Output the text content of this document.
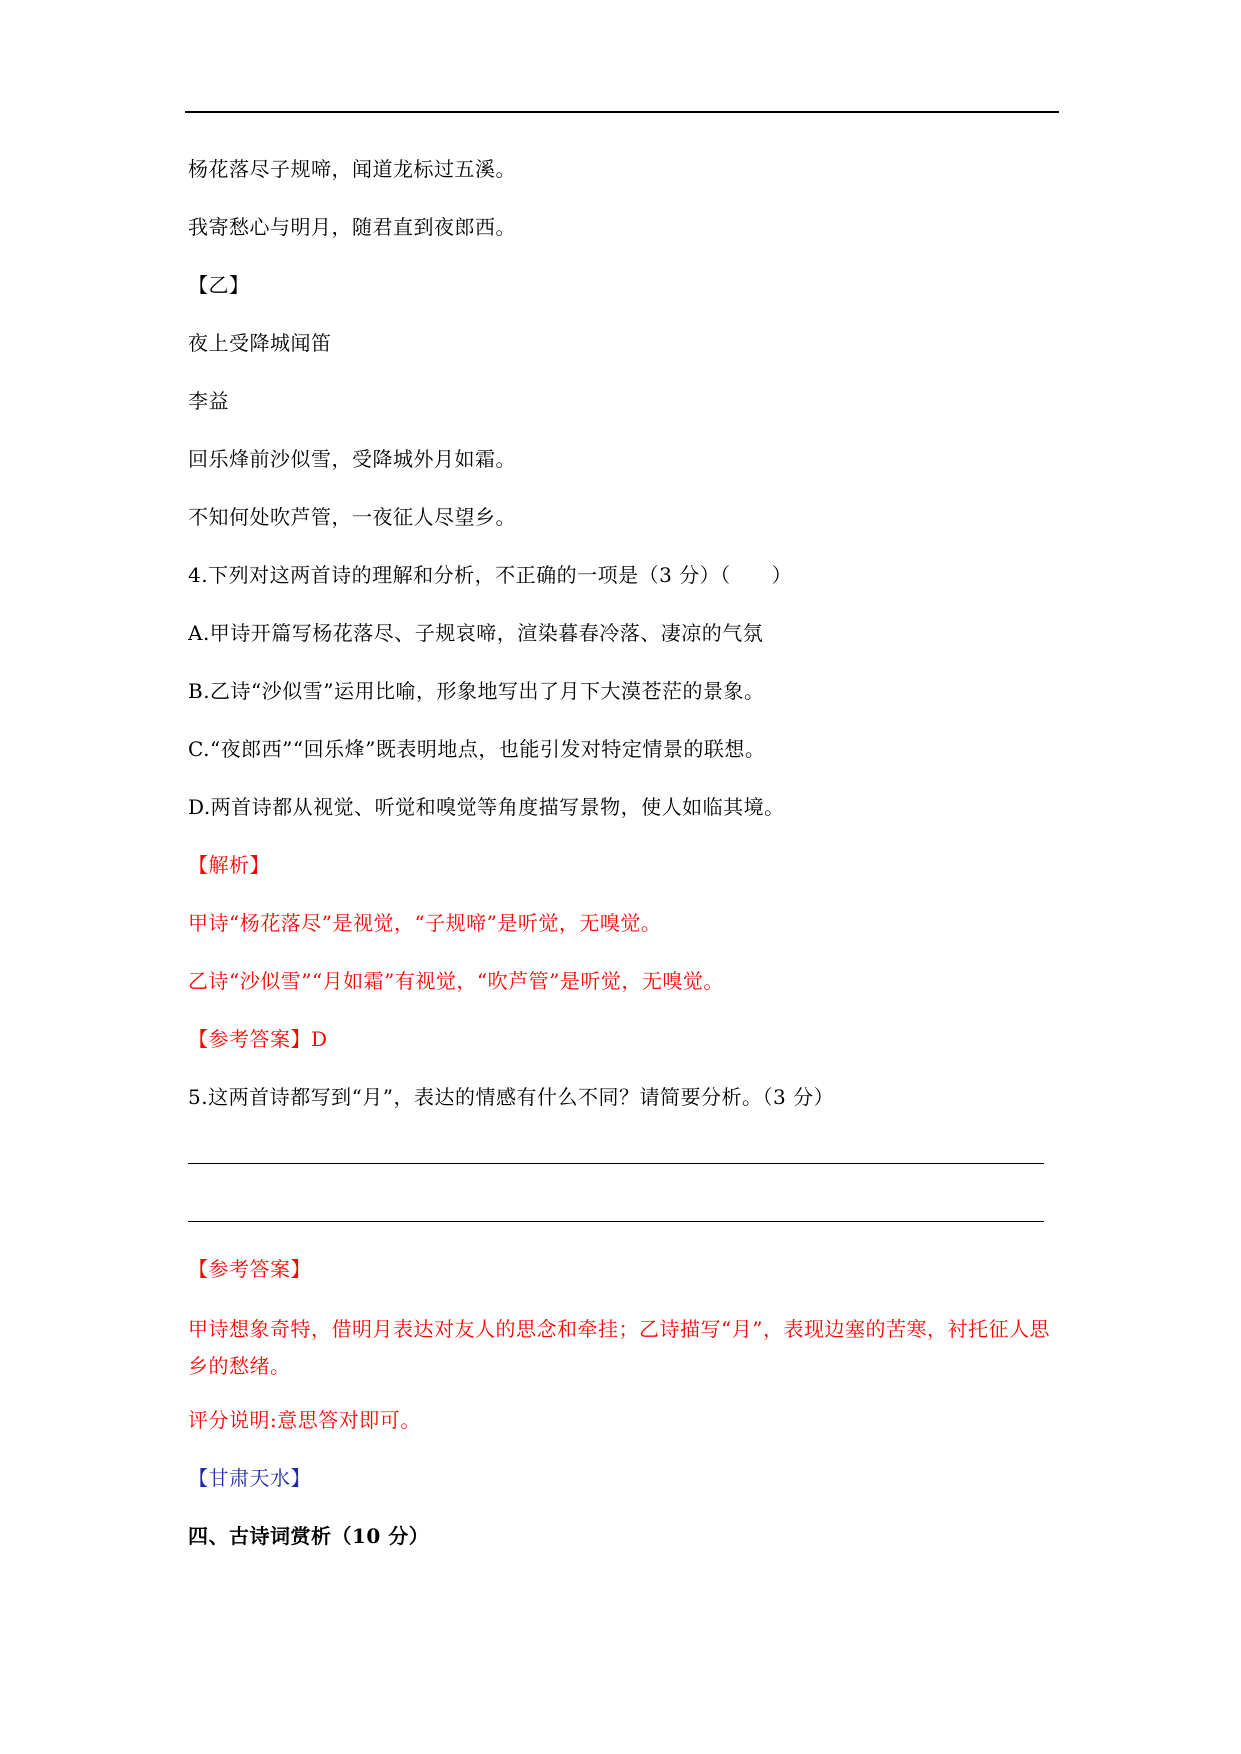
杨花落尽子规啼，闻道龙标过五溪。
我寄愁心与明月，随君直到夜郎西。
【乙】
夜上受降城闻笛
李益
回乐烽前沙似雪，受降城外月如霜。
不知何处吹芦管，一夜征人尽望乡。
4.下列对这两首诗的理解和分析，不正确的一项是（3 分）（　　）
A.甲诗开篇写杨花落尽、子规哀啼，渲染暮春冷落、凄凉的气氛
B.乙诗“沙似雪”运用比喻，形象地写出了月下大漠苍茫的景象。
C.“夜郎西”“回乐烽”既表明地点，也能引发对特定情景的联想。
D.两首诗都从视觉、听觉和嗅觉等角度描写景物，使人如临其境。
【解析】
甲诗“杨花落尽”是视觉，“子规啼”是听觉，无嗅觉。
乙诗“沙似雪”“月如霜”有视觉，“吹芦管”是听觉，无嗅觉。
【参考答案】D
5.这两首诗都写到“月”，表达的情感有什么不同？请简要分析。（3 分）
【参考答案】
甲诗想象奇特，借明月表达对友人的思念和牵挂；乙诗描写“月”，表现边塞的苦寒，衬托征人思乡的愁绪。
评分说明:意思答对即可。
【甘肃天水】
四、古诗词赏析（10 分）
